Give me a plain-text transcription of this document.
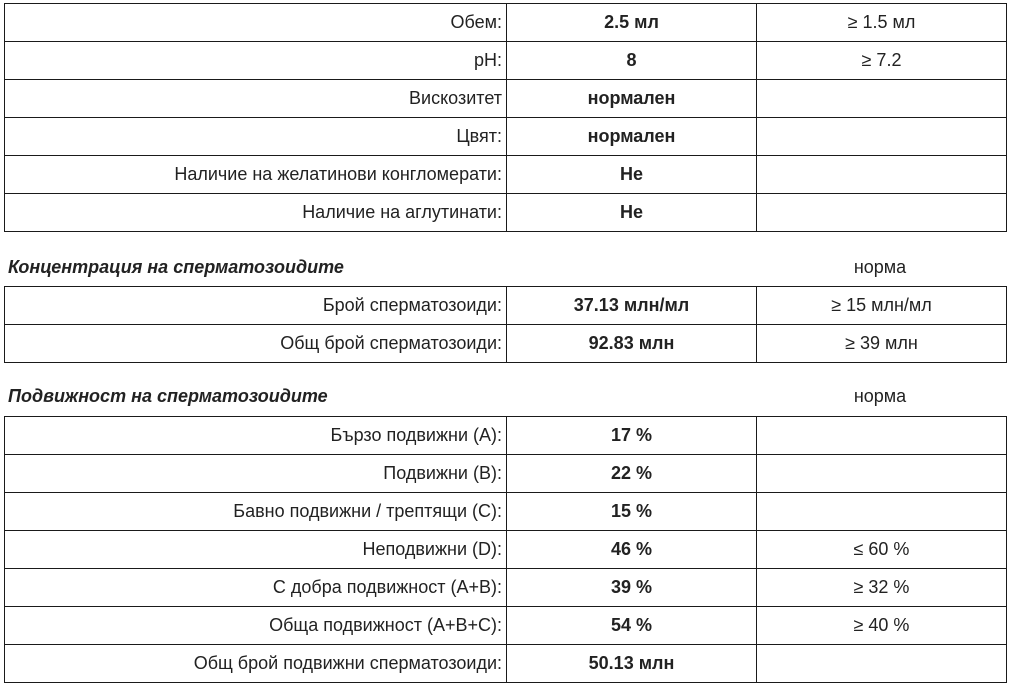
Обем:	2.5 мл	≥ 1.5 мл
pH:	8	≥ 7.2
Вискозитет	нормален	
Цвят:	нормален	
Наличие на желатинови конгломерати:	Не	
Наличие на аглутинати:	Не	
Концентрация на сперматозоидите	норма
Брой сперматозоиди:	37.13 млн/мл	≥ 15 млн/мл
Общ брой сперматозоиди:	92.83 млн	≥ 39 млн
Подвижност на сперматозоидите	норма
Бързо подвижни (А):	17 %	
Подвижни (В):	22 %	
Бавно подвижни / трептящи (С):	15 %	
Неподвижни (D):	46 %	≤ 60 %
С добра подвижност (А+В):	39 %	≥ 32 %
Обща подвижност (А+В+С):	54 %	≥ 40 %
Общ брой подвижни сперматозоиди:	50.13 млн	
